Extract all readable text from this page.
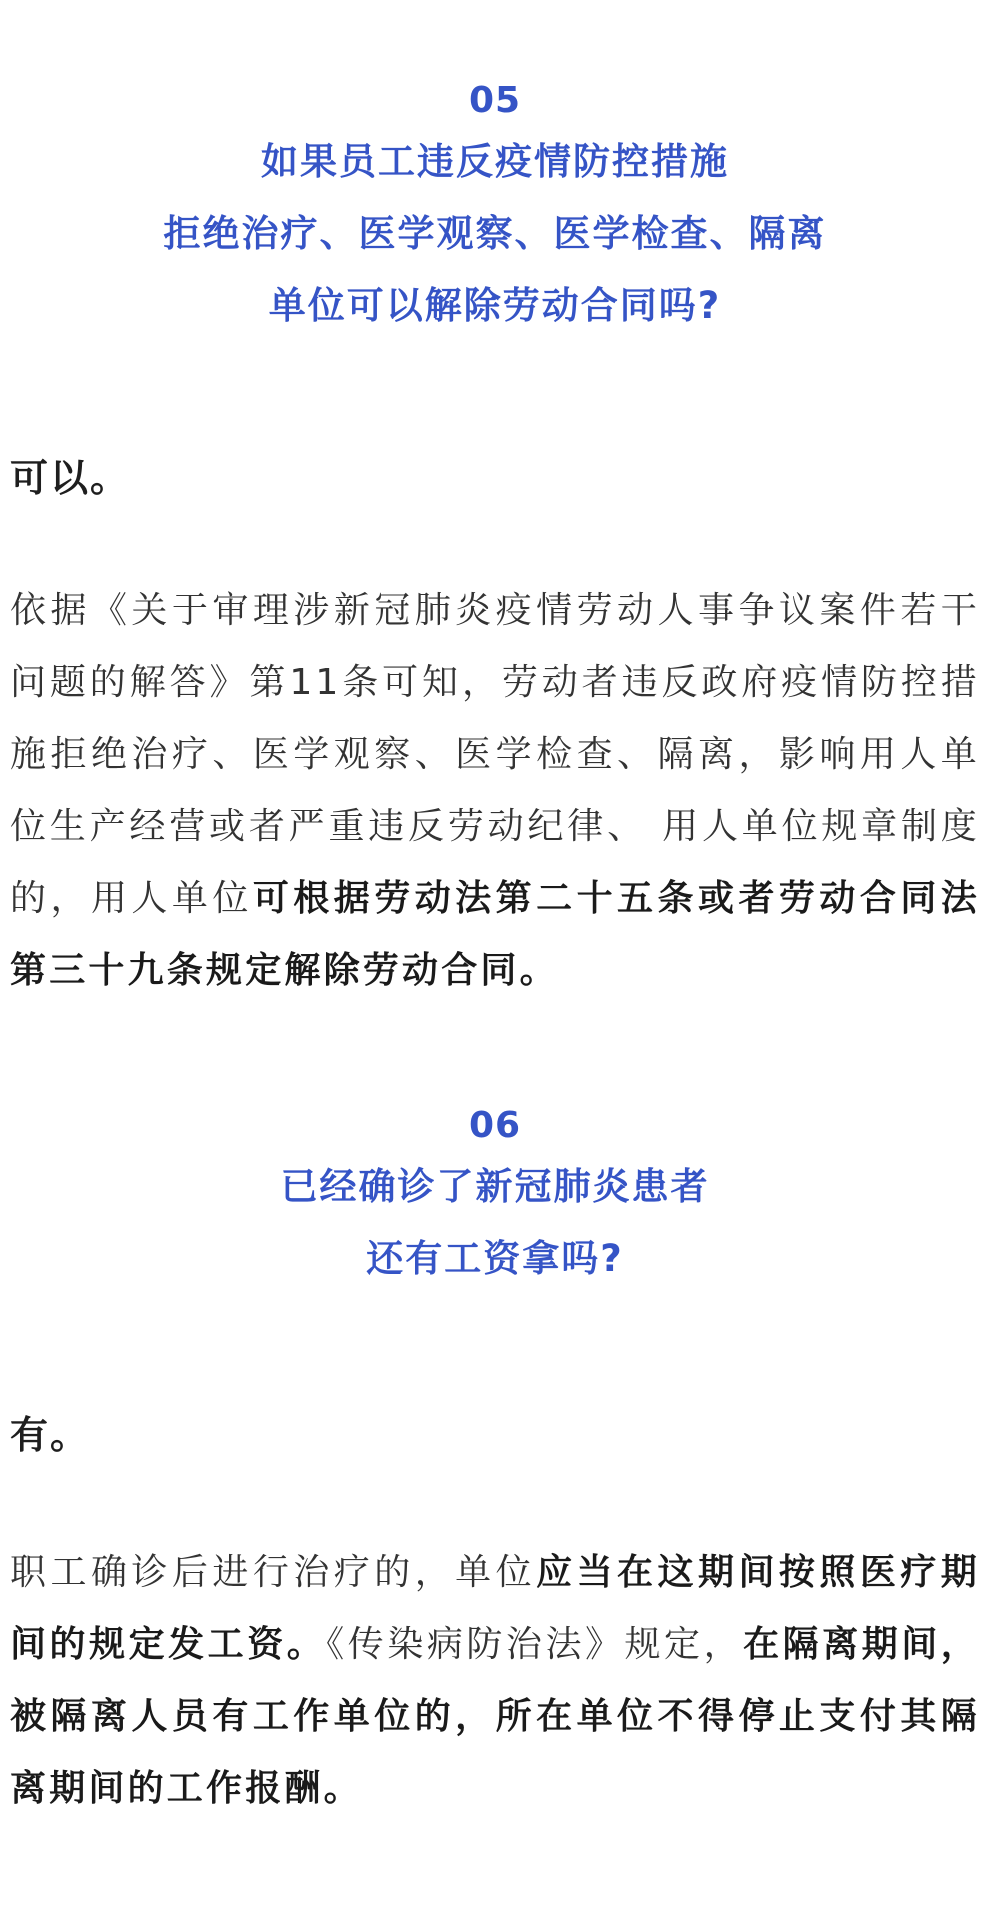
05
如果员工违反疫情防控措施
拒绝治疗、医学观察、医学检查、隔离
单位可以解除劳动合同吗?

可以。

依据《关于审理涉新冠肺炎疫情劳动人事争议案件若干问题的解答》第11条可知，劳动者违反政府疫情防控措施拒绝治疗、医学观察、医学检查、隔离，影响用人单位生产经营或者严重违反劳动纪律、 用人单位规章制度的，用人单位可根据劳动法第二十五条或者劳动合同法第三十九条规定解除劳动合同。

06
已经确诊了新冠肺炎患者
还有工资拿吗?

有。

职工确诊后进行治疗的，单位应当在这期间按照医疗期间的规定发工资。《传染病防治法》规定，在隔离期间，被隔离人员有工作单位的，所在单位不得停止支付其隔离期间的工作报酬。
